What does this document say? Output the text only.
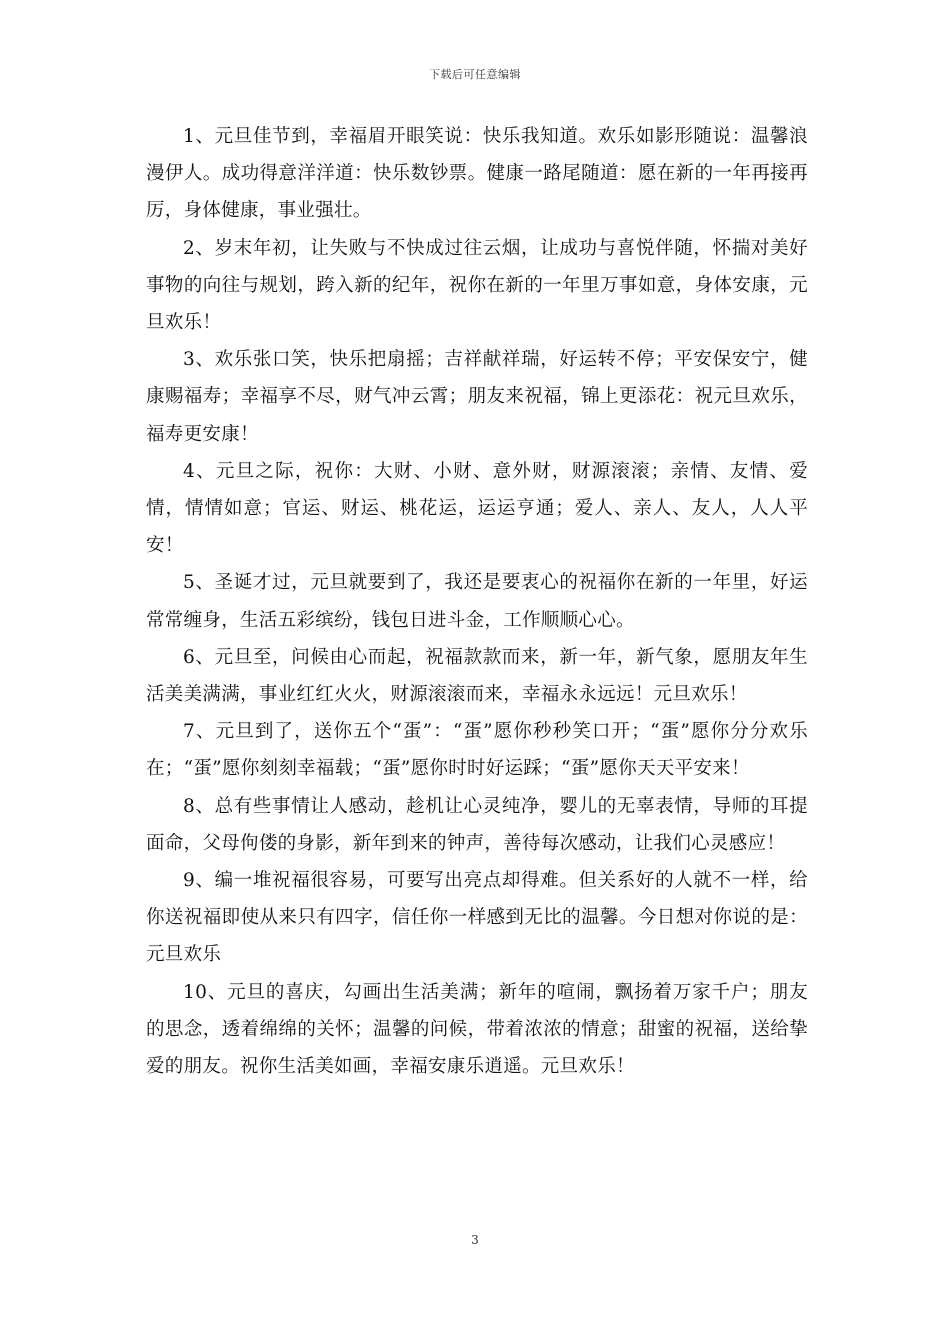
下载后可任意编辑

1、元旦佳节到，幸福眉开眼笑说：快乐我知道。欢乐如影形随说：温馨浪漫伊人。成功得意洋洋道：快乐数钞票。健康一路尾随道：愿在新的一年再接再厉，身体健康，事业强壮。

2、岁末年初，让失败与不快成过往云烟，让成功与喜悦伴随，怀揣对美好事物的向往与规划，跨入新的纪年，祝你在新的一年里万事如意，身体安康，元旦欢乐！

3、欢乐张口笑，快乐把扇摇；吉祥献祥瑞，好运转不停；平安保安宁，健康赐福寿；幸福享不尽，财气冲云霄；朋友来祝福，锦上更添花：祝元旦欢乐，福寿更安康！

4、元旦之际，祝你：大财、小财、意外财，财源滚滚；亲情、友情、爱情，情情如意；官运、财运、桃花运，运运亨通；爱人、亲人、友人，人人平安！

5、圣诞才过，元旦就要到了，我还是要衷心的祝福你在新的一年里，好运常常缠身，生活五彩缤纷，钱包日进斗金，工作顺顺心心。

6、元旦至，问候由心而起，祝福款款而来，新一年，新气象，愿朋友年生活美美满满，事业红红火火，财源滚滚而来，幸福永永远远！元旦欢乐！

7、元旦到了，送你五个“蛋”：“蛋”愿你秒秒笑口开；“蛋”愿你分分欢乐在；“蛋”愿你刻刻幸福载；“蛋”愿你时时好运踩；“蛋”愿你天天平安来！

8、总有些事情让人感动，趁机让心灵纯净，婴儿的无辜表情，导师的耳提面命，父母佝偻的身影，新年到来的钟声，善待每次感动，让我们心灵感应！

9、编一堆祝福很容易，可要写出亮点却得难。但关系好的人就不一样，给你送祝福即使从来只有四字，信任你一样感到无比的温馨。今日想对你说的是：元旦欢乐

10、元旦的喜庆，勾画出生活美满；新年的喧闹，飘扬着万家千户；朋友的思念，透着绵绵的关怀；温馨的问候，带着浓浓的情意；甜蜜的祝福，送给挚爱的朋友。祝你生活美如画，幸福安康乐逍遥。元旦欢乐！

3
